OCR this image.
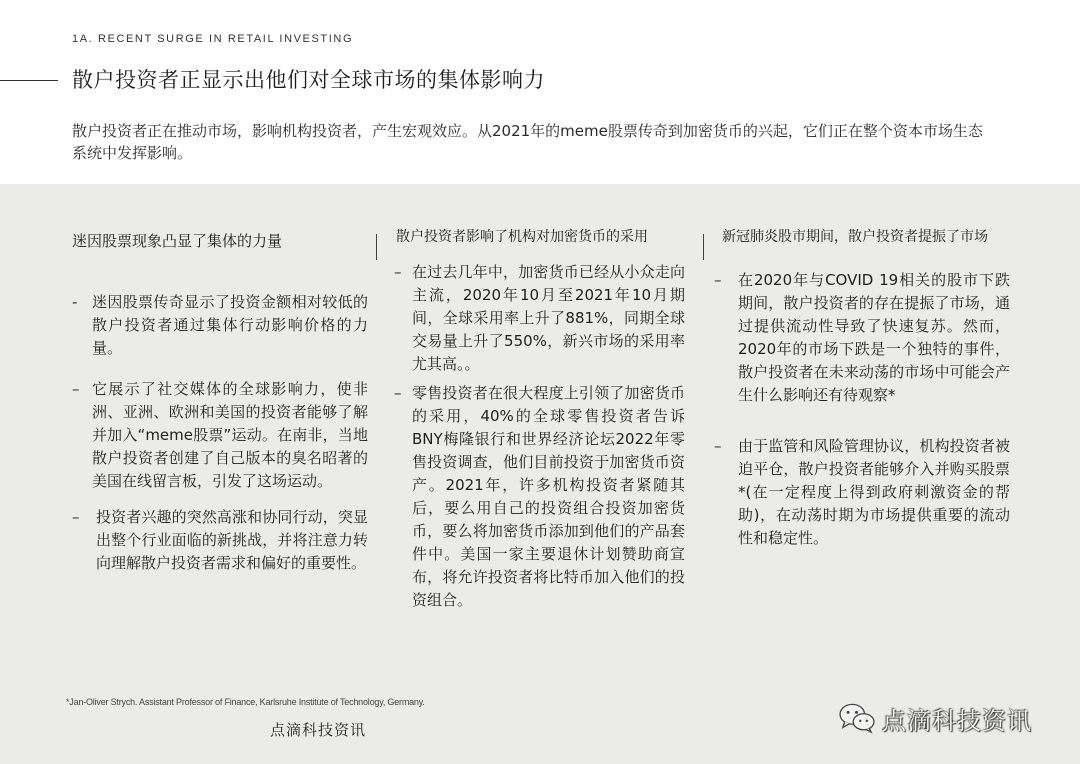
1A. RECENT SURGE IN RETAIL INVESTING
散户投资者正显示出他们对全球市场的集体影响力
散户投资者正在推动市场，影响机构投资者，产生宏观效应。从2021年的meme股票传奇到加密货币的兴起，它们正在整个资本市场生态系统中发挥影响。

迷因股票现象凸显了集体的力量

- 迷因股票传奇显示了投资金额相对较低的散户投资者通过集体行动影响价格的力量。
– 它展示了社交媒体的全球影响力，使非洲、亚洲、欧洲和美国的投资者能够了解并加入“meme股票”运动。在南非，当地散户投资者创建了自己版本的臭名昭著的美国在线留言板，引发了这场运动。
– 投资者兴趣的突然高涨和协同行动，突显出整个行业面临的新挑战，并将注意力转向理解散户投资者需求和偏好的重要性。

散户投资者影响了机构对加密货币的采用

– 在过去几年中，加密货币已经从小众走向主流，2020年10月至2021年10月期间，全球采用率上升了881%，同期全球交易量上升了550%，新兴市场的采用率尤其高。。
– 零售投资者在很大程度上引领了加密货币的采用，40%的全球零售投资者告诉BNY梅隆银行和世界经济论坛2022年零售投资调查，他们目前投资于加密货币资产。2021年，许多机构投资者紧随其后，要么用自己的投资组合投资加密货币，要么将加密货币添加到他们的产品套件中。美国一家主要退休计划赞助商宣布，将允许投资者将比特币加入他们的投资组合。

新冠肺炎股市期间，散户投资者提振了市场

– 在2020年与COVID 19相关的股市下跌期间，散户投资者的存在提振了市场，通过提供流动性导致了快速复苏。然而，2020年的市场下跌是一个独特的事件，散户投资者在未来动荡的市场中可能会产生什么影响还有待观察*
– 由于监管和风险管理协议，机构投资者被迫平仓，散户投资者能够介入并购买股票*(在一定程度上得到政府刺激资金的帮助)，在动荡时期为市场提供重要的流动性和稳定性。
*Jan-Oliver Strych. Assistant Professor of Finance, Karlsruhe Institute of Technology, Germany.
点滴科技资讯	点滴科技资讯
